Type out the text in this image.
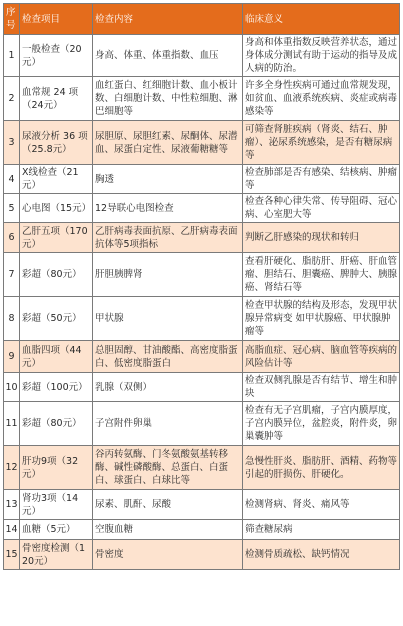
序号	检查项目	检查内容	临床意义
1	一般检查（20元）	身高、体重、体重指数、血压	身高和体重指数反映营养状态，通过身体成分测试有助于运动的指导及成人病的防治。
2	血常规 24 项（24元）	血红蛋白、红细胞计数、血小板计数、白细胞计数、中性粒细胞、淋巴细胞等	许多全身性疾病可通过血常规发现，如贫血、血液系统疾病、炎症或病毒感染等
3	尿液分析 36 项（25.8元）	尿胆原、尿胆红素、尿酮体、尿潜血、尿蛋白定性、尿液葡糖糖等	可筛查肾脏疾病（肾炎、结石、肿瘤）、泌尿系统感染，是否有糖尿病等
4	X线检查（21元）	胸透	检查肺部是否有感染、结核病、肿瘤等
5	心电图（15元）	12导联心电图检查	检查各种心律失常、传导阻碍、冠心病、心室肥大等
6	乙肝五项（170元）	乙肝病毒表面抗原、乙肝病毒表面抗体等5项指标	判断乙肝感染的现状和转归
7	彩超（80元）	肝胆胰脾肾	查看肝硬化、脂肪肝、肝癌、肝血管瘤、胆结石、胆囊癌、脾肿大、胰腺癌、肾结石等
8	彩超（50元）	甲状腺	检查甲状腺的结构及形态，发现甲状腺异常病变 如甲状腺癌、甲状腺肿瘤等
9	血脂四项（44元）	总胆固醇、甘油酸酯、高密度脂蛋白、低密度脂蛋白	高脂血症、冠心病、脑血管等疾病的风险估计等
10	彩超（100元）	乳腺（双侧）	检查双侧乳腺是否有结节、增生和肿块
11	彩超（80元）	子宫附件卵巢	检查有无子宫肌瘤，子宫内膜厚度，子宫内膜异位，盆腔炎，附件炎，卵巢囊肿等
12	肝功9项（32元）	谷丙转氨酶、门冬氨酸氨基转移酶、碱性磷酸酶、总蛋白、白蛋白、球蛋白、白球比等	急慢性肝炎、脂肪肝、酒精、药物等引起的肝损伤、肝硬化。
13	肾功3项（14元）	尿素、肌酐、尿酸	检测肾病、肾炎、痛风等
14	血糖（5元）	空腹血糖	筛查糖尿病
15	骨密度检测（120元）	骨密度	检测骨质疏松、缺钙情况
